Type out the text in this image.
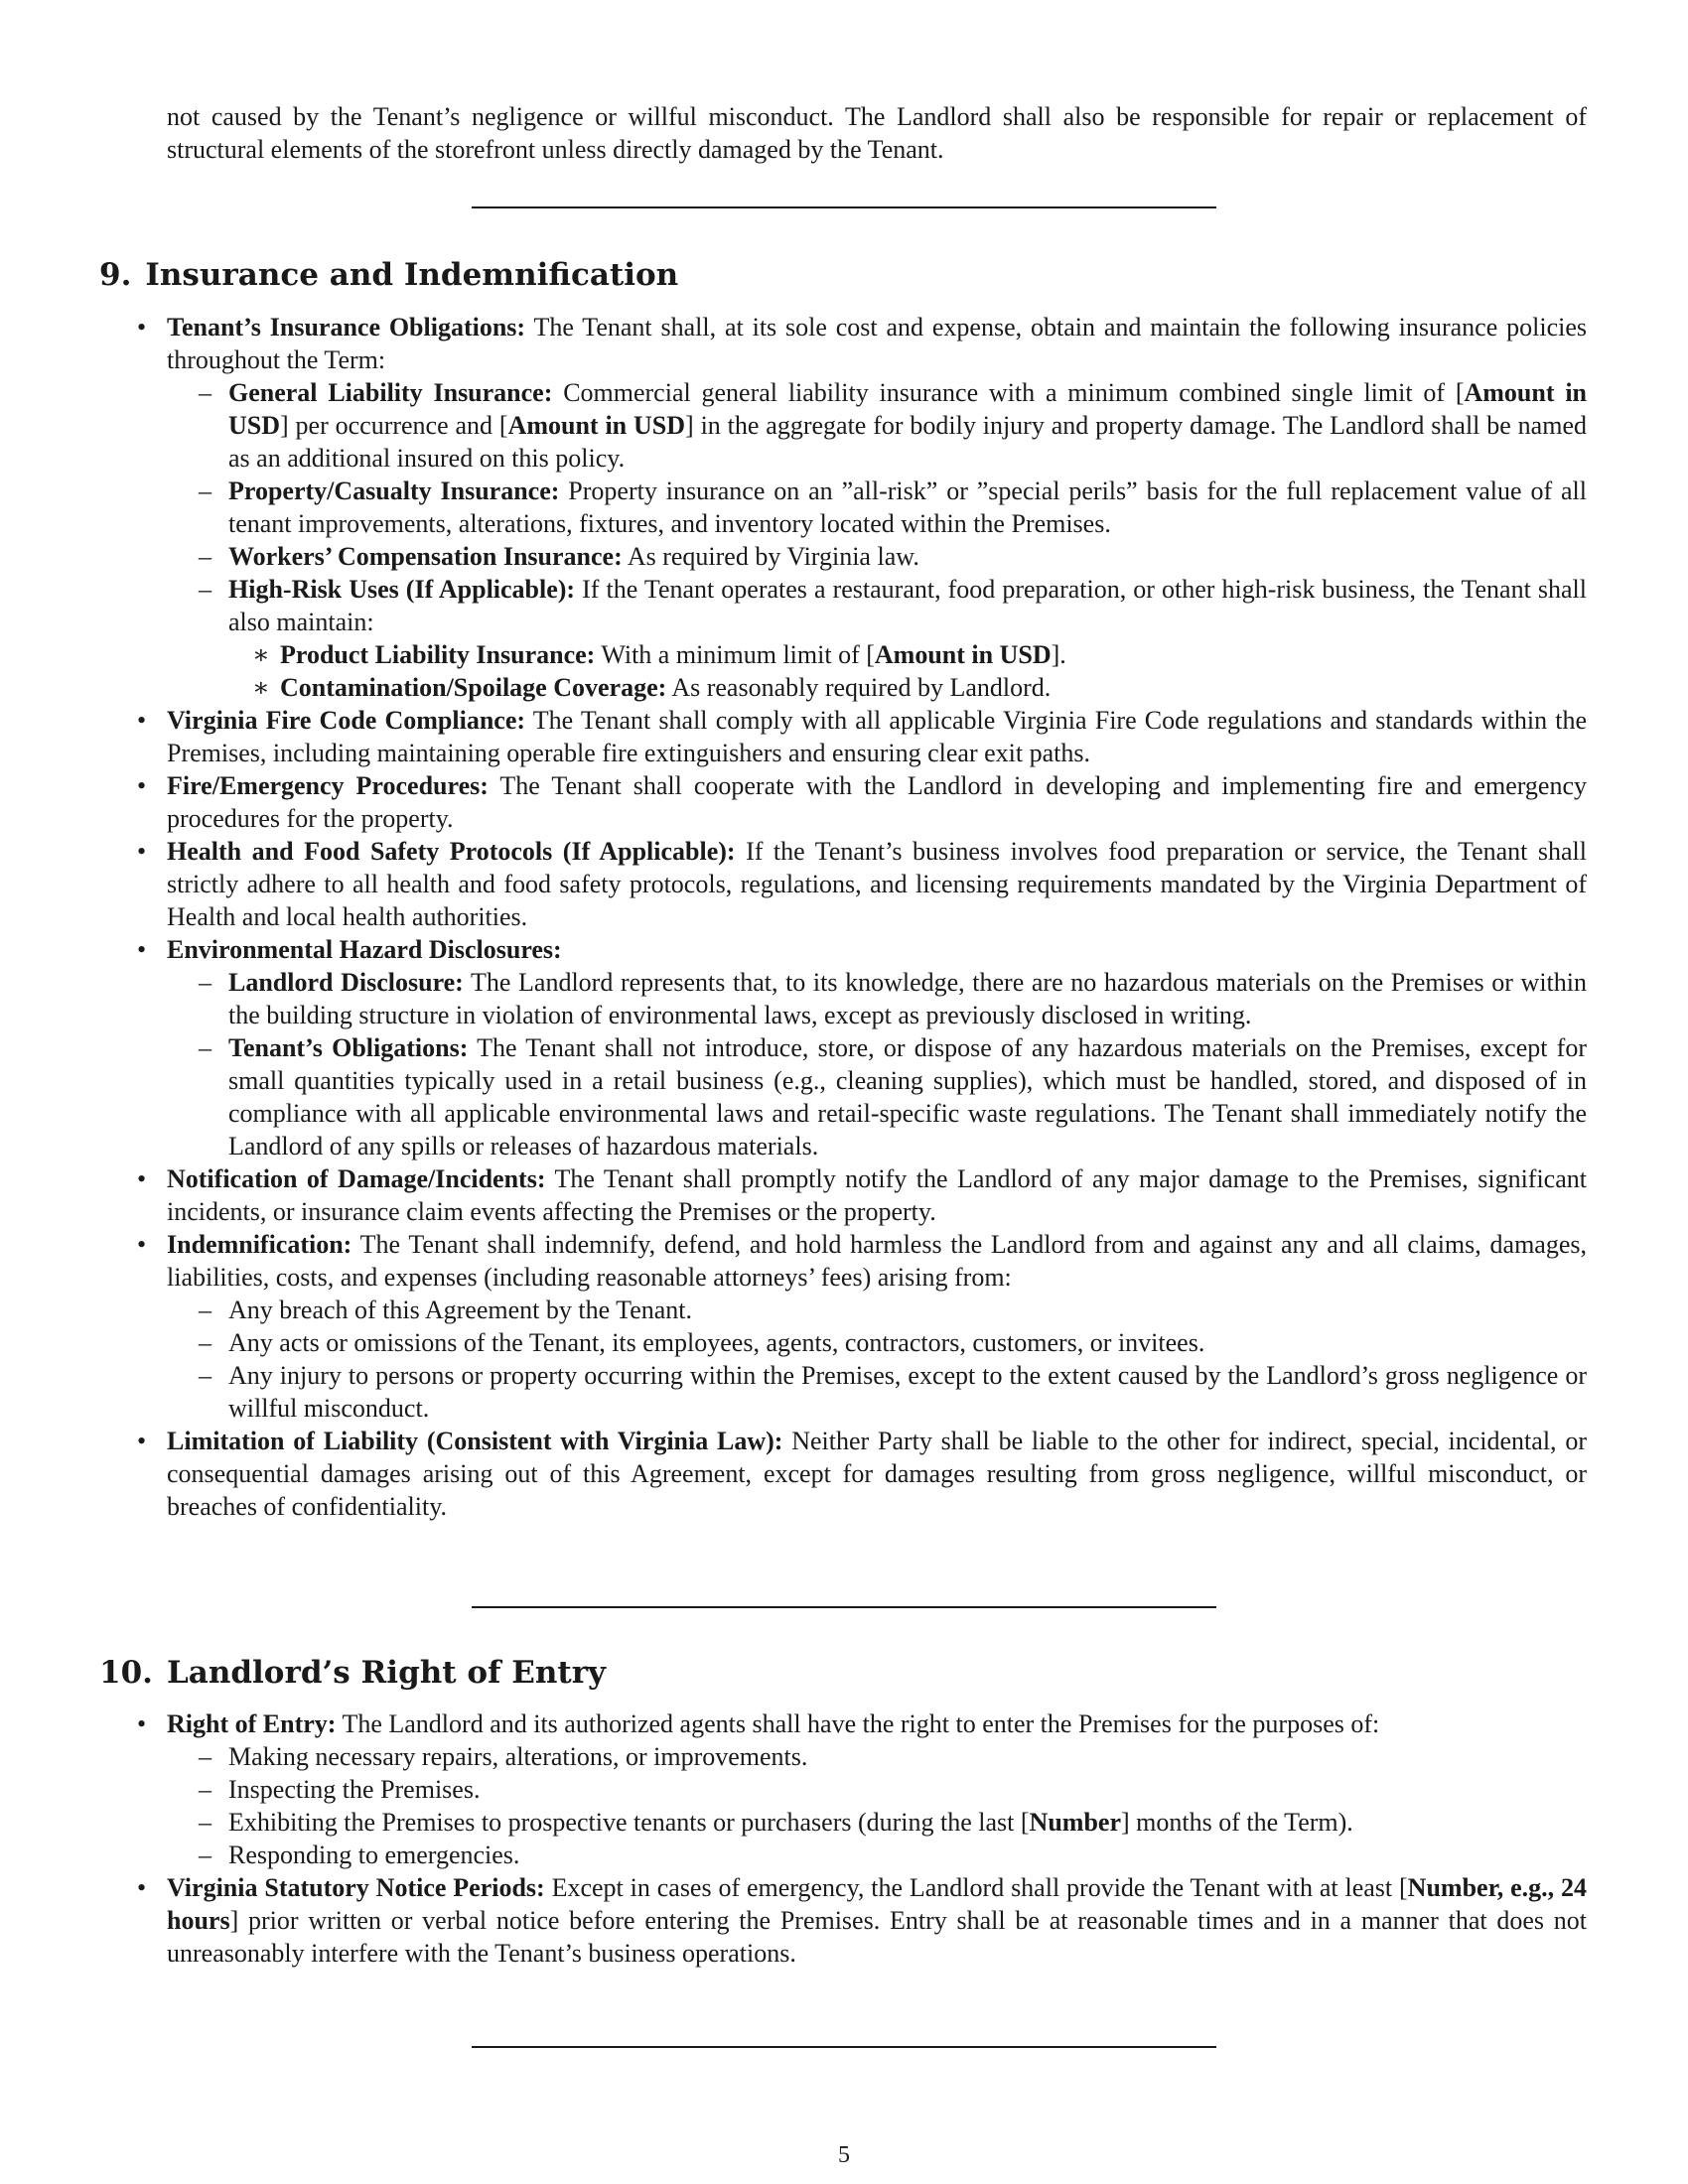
not caused by the Tenant’s negligence or willful misconduct. The Landlord shall also be responsible for repair or replacement of structural elements of the storefront unless directly damaged by the Tenant.

9. Insurance and Indemnification
• Tenant’s Insurance Obligations: The Tenant shall, at its sole cost and expense, obtain and maintain the following insurance policies throughout the Term:
– General Liability Insurance: Commercial general liability insurance with a minimum combined single limit of [Amount in USD] per occurrence and [Amount in USD] in the aggregate for bodily injury and property damage. The Landlord shall be named as an additional insured on this policy.
– Property/Casualty Insurance: Property insurance on an ”all-risk” or ”special perils” basis for the full replacement value of all tenant improvements, alterations, fixtures, and inventory located within the Premises.
– Workers’ Compensation Insurance: As required by Virginia law.
– High-Risk Uses (If Applicable): If the Tenant operates a restaurant, food preparation, or other high-risk business, the Tenant shall also maintain:
∗ Product Liability Insurance: With a minimum limit of [Amount in USD].
∗ Contamination/Spoilage Coverage: As reasonably required by Landlord.
• Virginia Fire Code Compliance: The Tenant shall comply with all applicable Virginia Fire Code regulations and standards within the Premises, including maintaining operable fire extinguishers and ensuring clear exit paths.
• Fire/Emergency Procedures: The Tenant shall cooperate with the Landlord in developing and implementing fire and emergency procedures for the property.
• Health and Food Safety Protocols (If Applicable): If the Tenant’s business involves food preparation or service, the Tenant shall strictly adhere to all health and food safety protocols, regulations, and licensing requirements mandated by the Virginia Department of Health and local health authorities.
• Environmental Hazard Disclosures:
– Landlord Disclosure: The Landlord represents that, to its knowledge, there are no hazardous materials on the Premises or within the building structure in violation of environmental laws, except as previously disclosed in writing.
– Tenant’s Obligations: The Tenant shall not introduce, store, or dispose of any hazardous materials on the Premises, except for small quantities typically used in a retail business (e.g., cleaning supplies), which must be handled, stored, and disposed of in compliance with all applicable environmental laws and retail-specific waste regulations. The Tenant shall immediately notify the Landlord of any spills or releases of hazardous materials.
• Notification of Damage/Incidents: The Tenant shall promptly notify the Landlord of any major damage to the Premises, significant incidents, or insurance claim events affecting the Premises or the property.
• Indemnification: The Tenant shall indemnify, defend, and hold harmless the Landlord from and against any and all claims, damages, liabilities, costs, and expenses (including reasonable attorneys’ fees) arising from:
– Any breach of this Agreement by the Tenant.
– Any acts or omissions of the Tenant, its employees, agents, contractors, customers, or invitees.
– Any injury to persons or property occurring within the Premises, except to the extent caused by the Landlord’s gross negligence or willful misconduct.
• Limitation of Liability (Consistent with Virginia Law): Neither Party shall be liable to the other for indirect, special, incidental, or consequential damages arising out of this Agreement, except for damages resulting from gross negligence, willful misconduct, or breaches of confidentiality.
10. Landlord’s Right of Entry
• Right of Entry: The Landlord and its authorized agents shall have the right to enter the Premises for the purposes of:
– Making necessary repairs, alterations, or improvements.
– Inspecting the Premises.
– Exhibiting the Premises to prospective tenants or purchasers (during the last [Number] months of the Term).
– Responding to emergencies.
• Virginia Statutory Notice Periods: Except in cases of emergency, the Landlord shall provide the Tenant with at least [Number, e.g., 24 hours] prior written or verbal notice before entering the Premises. Entry shall be at reasonable times and in a manner that does not unreasonably interfere with the Tenant’s business operations.
5
